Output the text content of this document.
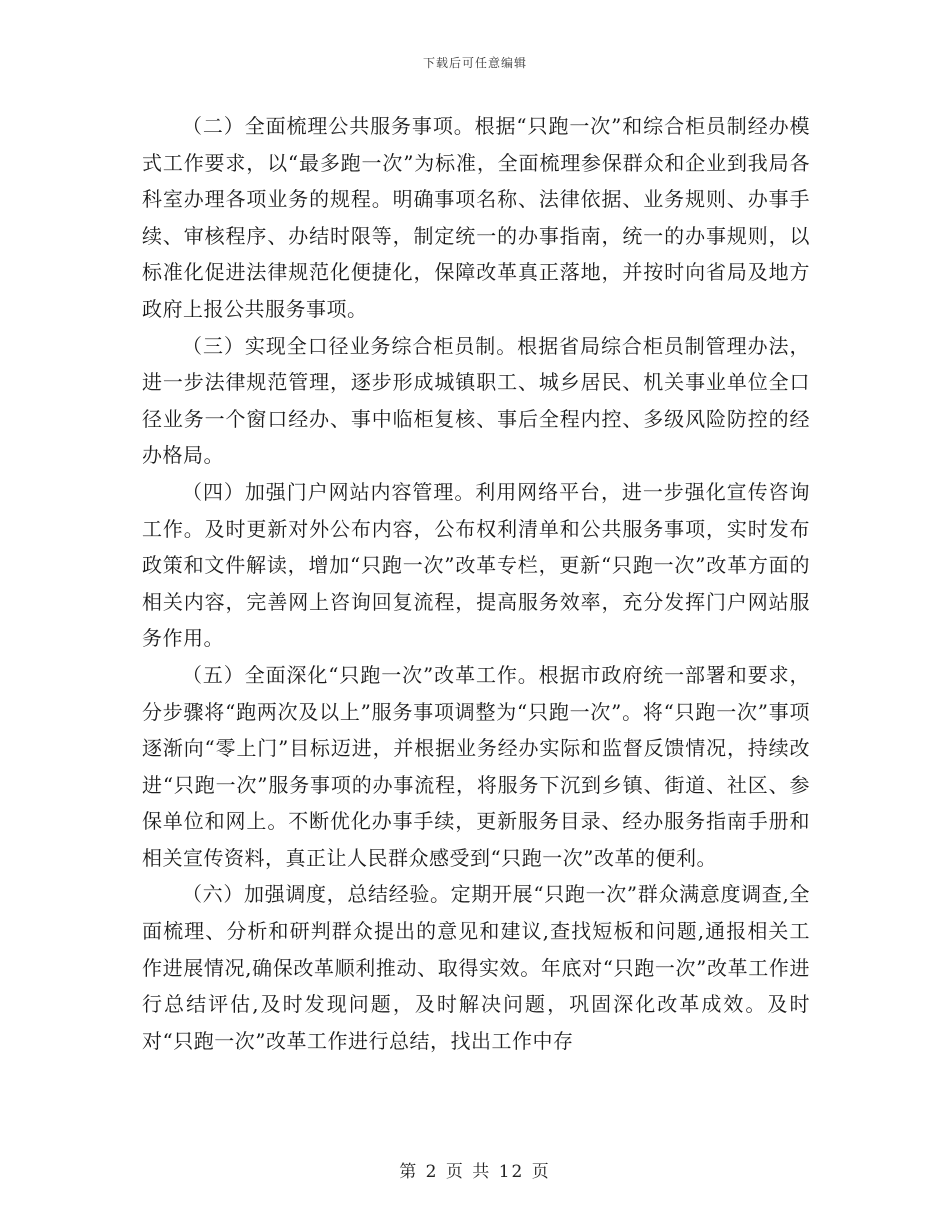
下载后可任意编辑

（二）全面梳理公共服务事项。根据“只跑一次”和综合柜员制经办模式工作要求，以“最多跑一次”为标准，全面梳理参保群众和企业到我局各科室办理各项业务的规程。明确事项名称、法律依据、业务规则、办事手续、审核程序、办结时限等，制定统一的办事指南，统一的办事规则，以标准化促进法律规范化便捷化，保障改革真正落地，并按时向省局及地方政府上报公共服务事项。

（三）实现全口径业务综合柜员制。根据省局综合柜员制管理办法，进一步法律规范管理，逐步形成城镇职工、城乡居民、机关事业单位全口径业务一个窗口经办、事中临柜复核、事后全程内控、多级风险防控的经办格局。

（四）加强门户网站内容管理。利用网络平台，进一步强化宣传咨询工作。及时更新对外公布内容，公布权利清单和公共服务事项，实时发布政策和文件解读，增加“只跑一次”改革专栏，更新“只跑一次”改革方面的相关内容，完善网上咨询回复流程，提高服务效率，充分发挥门户网站服务作用。

（五）全面深化“只跑一次”改革工作。根据市政府统一部署和要求，分步骤将“跑两次及以上”服务事项调整为“只跑一次”。将“只跑一次”事项逐渐向“零上门”目标迈进，并根据业务经办实际和监督反馈情况，持续改进“只跑一次”服务事项的办事流程，将服务下沉到乡镇、街道、社区、参保单位和网上。不断优化办事手续，更新服务目录、经办服务指南手册和相关宣传资料，真正让人民群众感受到“只跑一次”改革的便利。

（六）加强调度，总结经验。定期开展“只跑一次”群众满意度调查,全面梳理、分析和研判群众提出的意见和建议,查找短板和问题,通报相关工作进展情况,确保改革顺利推动、取得实效。年底对“只跑一次”改革工作进行总结评估,及时发现问题，及时解决问题，巩固深化改革成效。及时对“只跑一次”改革工作进行总结，找出工作中存

第 2 页 共 12 页
